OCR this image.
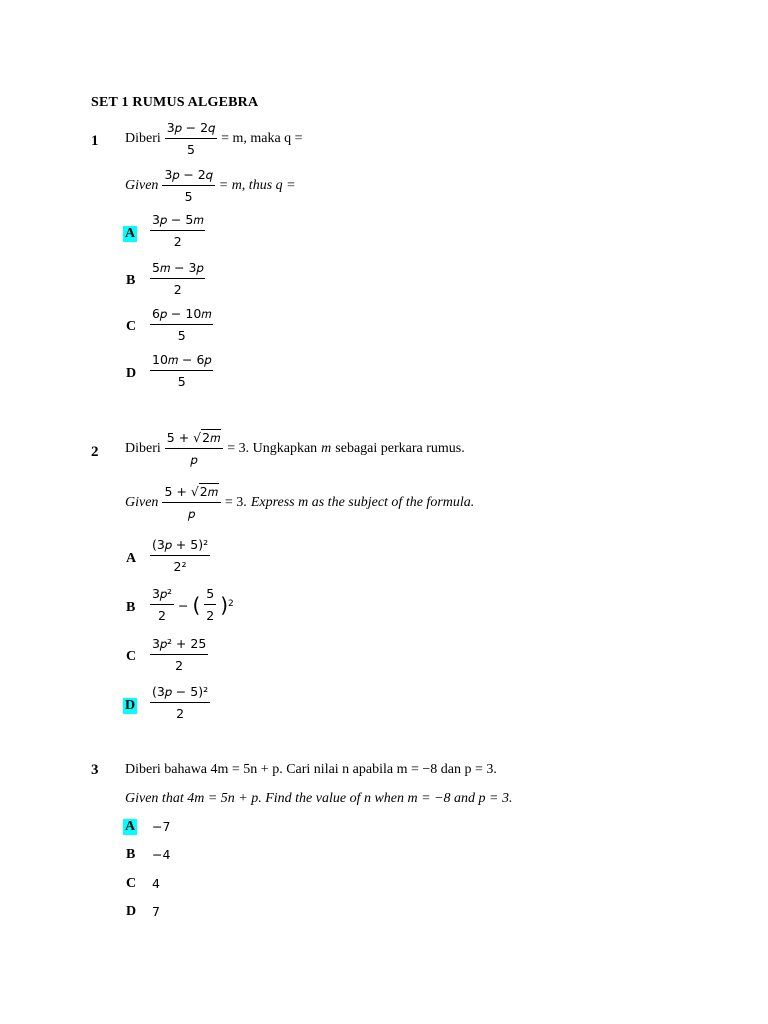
SET 1 RUMUS ALGEBRA
1 Diberi $\frac{\text{3𝑝 − 2𝑞}}{5} = m$, maka q =
Given $\frac{\text{3𝑝 − 2𝑞}}{5} = m$, thus q =
A $\frac{\text{3𝑝 − 5𝑚}}{2}$
B $\frac{\text{5𝑚 − 3𝑝}}{2}$
C $\frac{\text{6𝑝 − 10𝑚}}{5}$
D $\frac{\text{10𝑚 − 6𝑝}}{5}$
2 Diberi $\frac{\text{5 + √2𝑚}}{\text{𝑝}} = 3$. Ungkapkan m sebagai perkara rumus.
Given $\frac{\text{5 + √2𝑚}}{\text{𝑝}} = 3$. Express m as the subject of the formula.
A $\frac{\text{(3𝑝 + 5)²}}{\text{2²}}$
B $\frac{\text{3𝑝²}}{2}$ − ( $\frac{5}{2} )^2$
C $\frac{\text{3𝑝² + 25}}{2}$
D $\frac{\text{(3𝑝 − 5)²}}{2}$
3 Diberi bahawa 4m = 5n + p. Cari nilai n apabila m = −8 dan p = 3.
Given that 4m = 5n + p. Find the value of n when m = −8 and p = 3.
A −7
B −4
C 4
D 7
